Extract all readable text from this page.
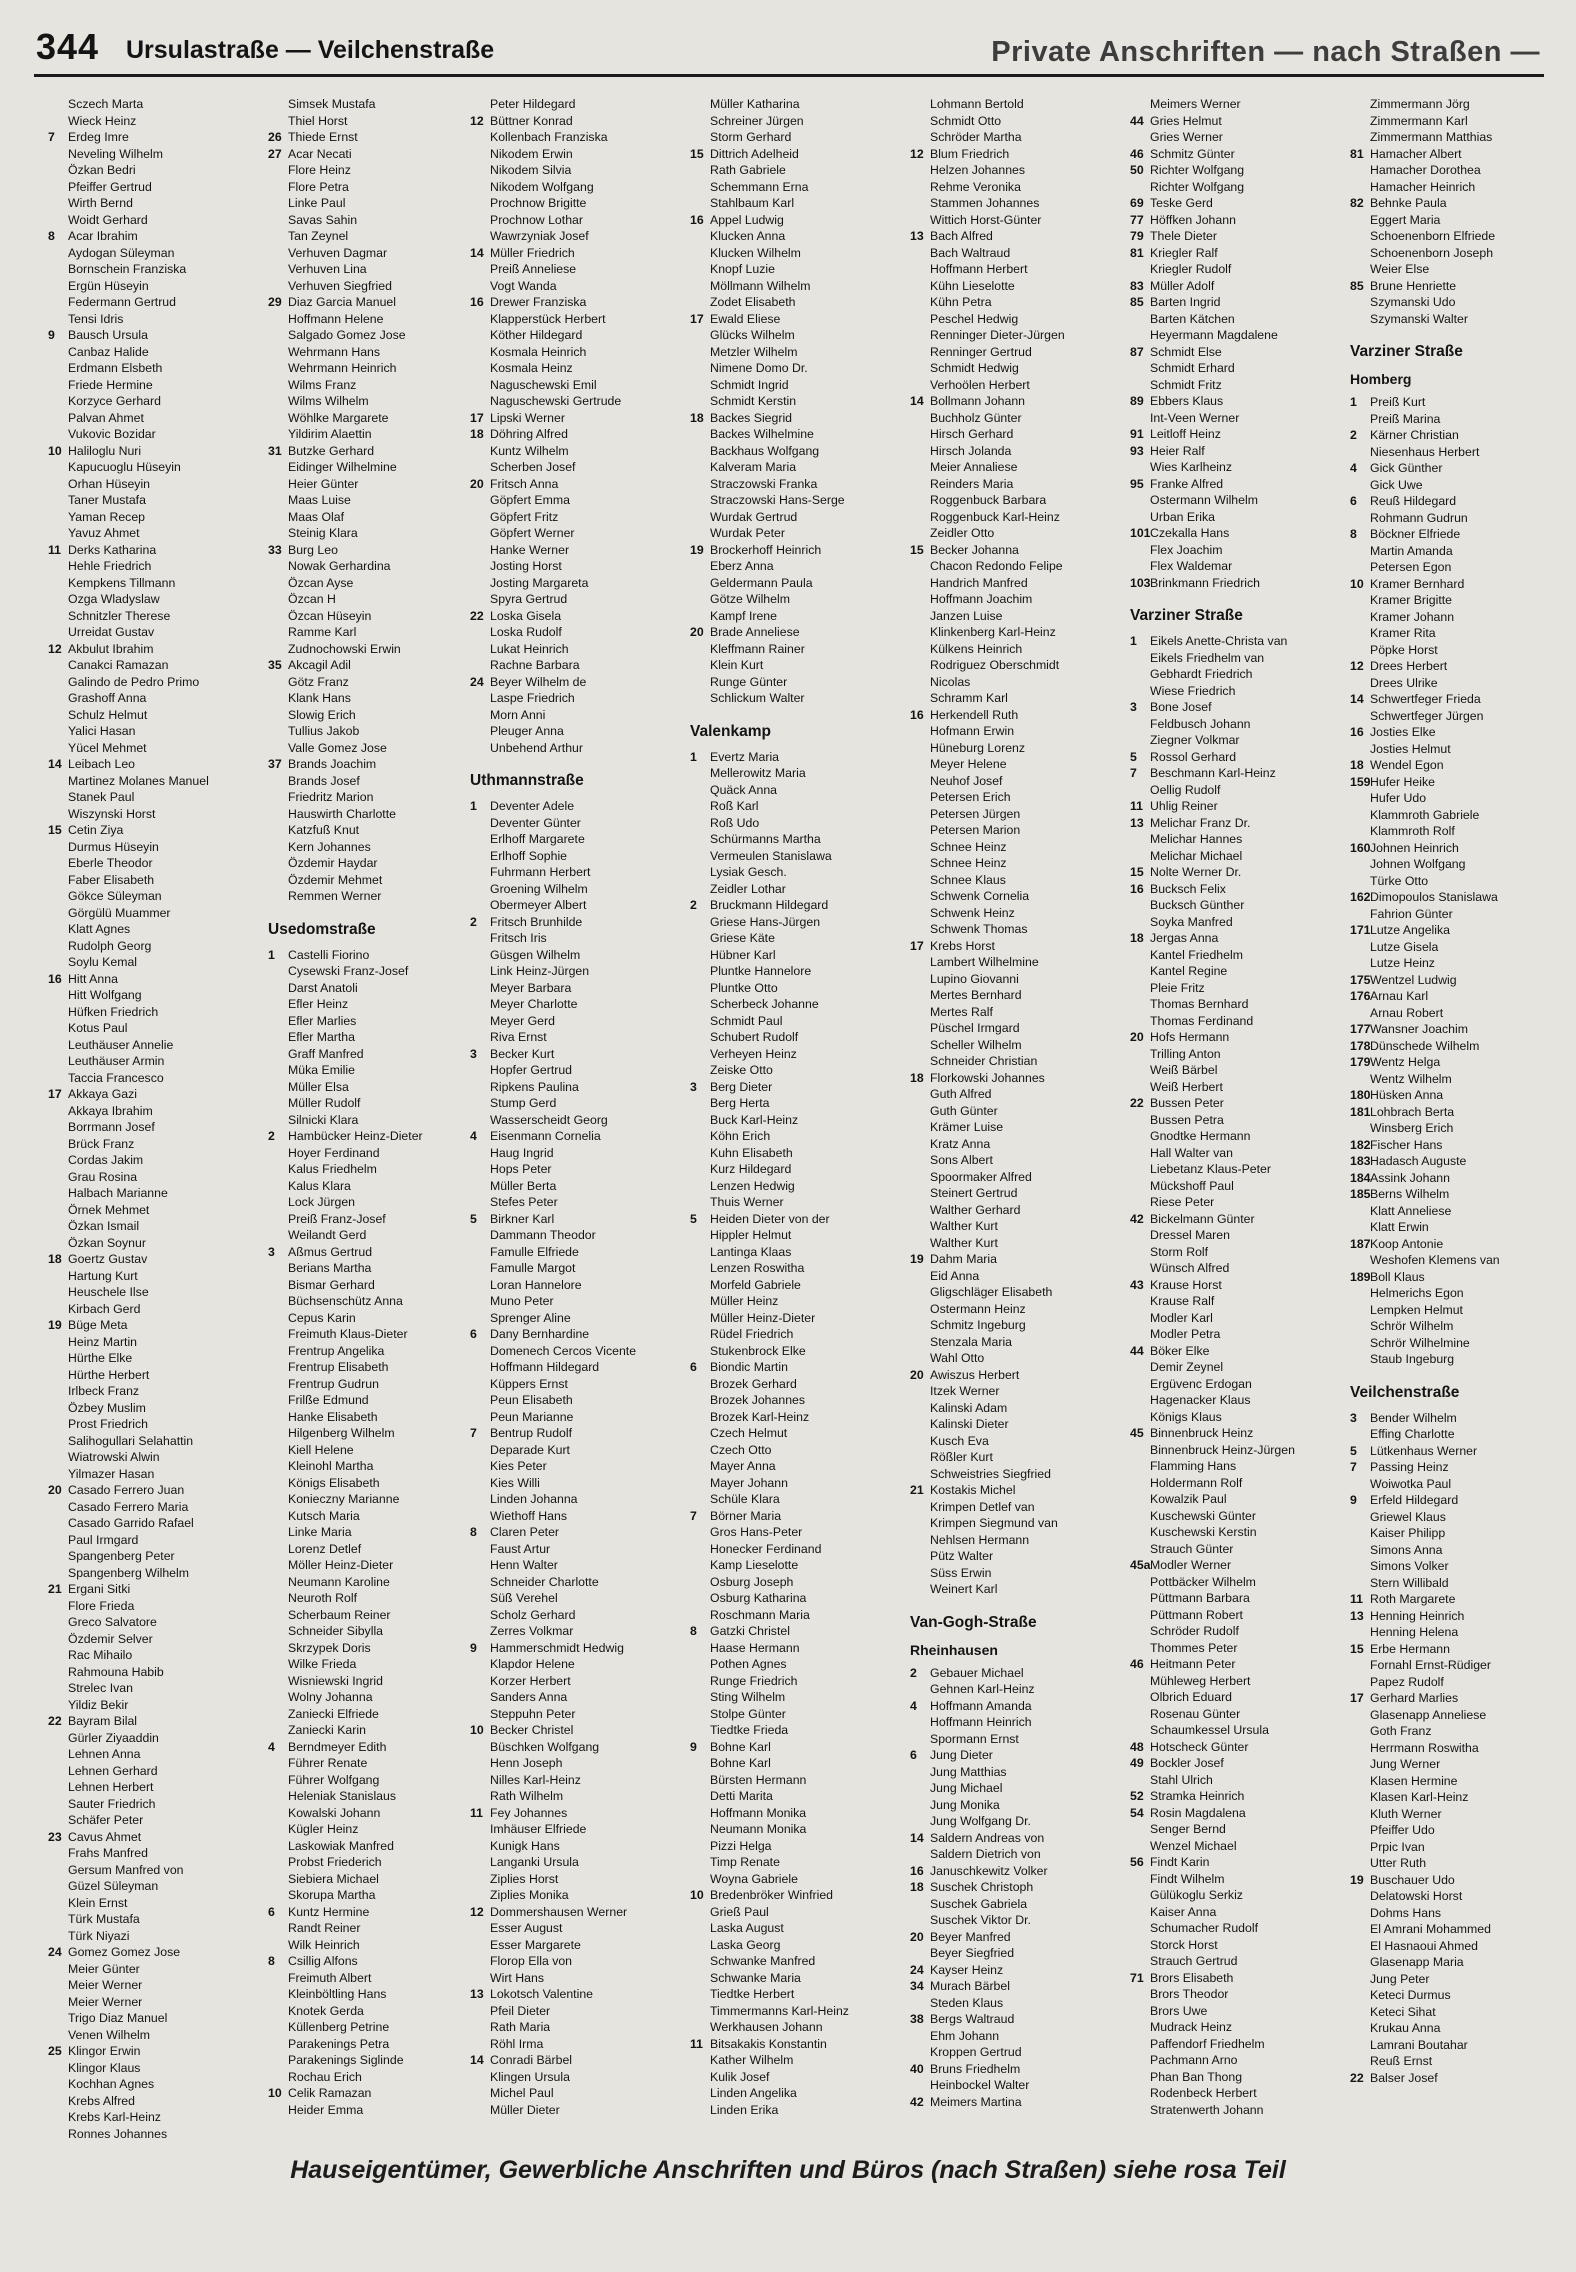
344 Ursulastraße — Veilchenstraße	Private Anschriften — nach Straßen —
Sczech Marta
Wieck Heinz
7 Erdeg Imre
Neveling Wilhelm
Özkan Bedri
Pfeiffer Gertrud
Wirth Bernd
Woidt Gerhard
8 Acar Ibrahim
Aydogan Süleyman
Bornschein Franziska
Ergün Hüseyin
Federmann Gertrud
Tensi Idris
9 Bausch Ursula
Canbaz Halide
Erdmann Elsbeth
Friede Hermine
Korzyce Gerhard
Palvan Ahmet
Vukovic Bozidar
10 Haliloglu Nuri
Kapucuoglu Hüseyin
Orhan Hüseyin
Taner Mustafa
Yaman Recep
Yavuz Ahmet
11 Derks Katharina
Hehle Friedrich
Kempkens Tillmann
Ozga Wladyslaw
Schnitzler Therese
Urreidat Gustav
12 Akbulut Ibrahim
Canakci Ramazan
Galindo de Pedro Primo
Grashoff Anna
Schulz Helmut
Yalici Hasan
Yücel Mehmet
14 Leibach Leo
Martinez Molanes Manuel
Stanek Paul
Wiszynski Horst
15 Cetin Ziya
Durmus Hüseyin
Eberle Theodor
Faber Elisabeth
Gökce Süleyman
Görgülü Muammer
Klatt Agnes
Rudolph Georg
Soylu Kemal
16 Hitt Anna
Hitt Wolfgang
Hüfken Friedrich
Kotus Paul
Leuthäuser Annelie
Leuthäuser Armin
Taccia Francesco
17 Akkaya Gazi
Akkaya Ibrahim
Borrmann Josef
Brück Franz
Cordas Jakim
Grau Rosina
Halbach Marianne
Örnek Mehmet
Özkan Ismail
Özkan Soynur
18 Goertz Gustav
Hartung Kurt
Heuschele Ilse
Kirbach Gerd
19 Büge Meta
Heinz Martin
Hürthe Elke
Hürthe Herbert
Irlbeck Franz
Özbey Muslim
Prost Friedrich
Salihogullari Selahattin
Wiatrowski Alwin
Yilmazer Hasan
20 Casado Ferrero Juan
Casado Ferrero Maria
Casado Garrido Rafael
Paul Irmgard
Spangenberg Peter
Spangenberg Wilhelm
21 Ergani Sitki
Flore Frieda
Greco Salvatore
Özdemir Selver
Rac Mihailo
Rahmouna Habib
Strelec Ivan
Yildiz Bekir
22 Bayram Bilal
Gürler Ziyaaddin
Lehnen Anna
Lehnen Gerhard
Lehnen Herbert
Sauter Friedrich
Schäfer Peter
23 Cavus Ahmet
Frahs Manfred
Gersum Manfred von
Güzel Süleyman
Klein Ernst
Türk Mustafa
Türk Niyazi
24 Gomez Gomez Jose
Meier Günter
Meier Werner
Meier Werner
Trigo Diaz Manuel
Venen Wilhelm
25 Klingor Erwin
Klingor Klaus
Kochhan Agnes
Krebs Alfred
Krebs Karl-Heinz
Ronnes Johannes
Simsek Mustafa
Thiel Horst
26 Thiede Ernst
27 Acar Necati
Flore Heinz
Flore Petra
Linke Paul
Savas Sahin
Tan Zeynel
Verhuven Dagmar
Verhuven Lina
Verhuven Siegfried
29 Diaz Garcia Manuel
Hoffmann Helene
Salgado Gomez Jose
Wehrmann Hans
Wehrmann Heinrich
Wilms Franz
Wilms Wilhelm
Wöhlke Margarete
Yildirim Alaettin
31 Butzke Gerhard
Eidinger Wilhelmine
Heier Günter
Maas Luise
Maas Olaf
Steinig Klara
33 Burg Leo
Nowak Gerhardina
Özcan Ayse
Özcan H
Özcan Hüseyin
Ramme Karl
Zudnochowski Erwin
35 Akcagil Adil
Götz Franz
Klank Hans
Slowig Erich
Tullius Jakob
Valle Gomez Jose
37 Brands Joachim
Brands Josef
Friedritz Marion
Hauswirth Charlotte
Katzfuß Knut
Kern Johannes
Özdemir Haydar
Özdemir Mehmet
Remmen Werner
Usedomstraße
1 Castelli Fiorino
Cysewski Franz-Josef
Darst Anatoli
Efler Heinz
Efler Marlies
Efler Martha
Graff Manfred
Müka Emilie
Müller Elsa
Müller Rudolf
Silnicki Klara
2 Hambücker Heinz-Dieter
Hoyer Ferdinand
Kalus Friedhelm
Kalus Klara
Lock Jürgen
Preiß Franz-Josef
Weilandt Gerd
3 Aßmus Gertrud
Berians Martha
Bismar Gerhard
Büchsenschütz Anna
Cepus Karin
Freimuth Klaus-Dieter
Frentrup Angelika
Frentrup Elisabeth
Frentrup Gudrun
Frilße Edmund
Hanke Elisabeth
Hilgenberg Wilhelm
Kiell Helene
Kleinohl Martha
Königs Elisabeth
Konieczny Marianne
Kutsch Maria
Linke Maria
Lorenz Detlef
Möller Heinz-Dieter
Neumann Karoline
Neuroth Rolf
Scherbaum Reiner
Schneider Sibylla
Skrzypek Doris
Wilke Frieda
Wisniewski Ingrid
Wolny Johanna
Zaniecki Elfriede
Zaniecki Karin
4 Berndmeyer Edith
Führer Renate
Führer Wolfgang
Heleniak Stanislaus
Kowalski Johann
Kügler Heinz
Laskowiak Manfred
Probst Friederich
Siebiera Michael
Skorupa Martha
6 Kuntz Hermine
Randt Reiner
Wilk Heinrich
8 Csillig Alfons
Freimuth Albert
Kleinböltling Hans
Knotek Gerda
Küllenberg Petrine
Parakenings Petra
Parakenings Siglinde
Rochau Erich
10 Celik Ramazan
Heider Emma
Peter Hildegard
12 Büttner Konrad
Kollenbach Franziska
Nikodem Erwin
Nikodem Silvia
Nikodem Wolfgang
Prochnow Brigitte
Prochnow Lothar
Wawrzyniak Josef
14 Müller Friedrich
Preiß Anneliese
Vogt Wanda
16 Drewer Franziska
Klapperstück Herbert
Köther Hildegard
Kosmala Heinrich
Kosmala Heinz
Naguschewski Emil
Naguschewski Gertrude
17 Lipski Werner
18 Döhring Alfred
Kuntz Wilhelm
Scherben Josef
20 Fritsch Anna
Göpfert Emma
Göpfert Fritz
Göpfert Werner
Hanke Werner
Josting Horst
Josting Margareta
Spyra Gertrud
22 Loska Gisela
Loska Rudolf
Lukat Heinrich
Rachne Barbara
24 Beyer Wilhelm de
Laspe Friedrich
Morn Anni
Pleuger Anna
Unbehend Arthur
Uthmannstraße
1 Deventer Adele
Deventer Günter
Erlhoff Margarete
Erlhoff Sophie
Fuhrmann Herbert
Groening Wilhelm
Obermeyer Albert
2 Fritsch Brunhilde
Fritsch Iris
Güsgen Wilhelm
Link Heinz-Jürgen
Meyer Barbara
Meyer Charlotte
Meyer Gerd
Riva Ernst
3 Becker Kurt
Hopfer Gertrud
Ripkens Paulina
Stump Gerd
Wasserscheidt Georg
4 Eisenmann Cornelia
Haug Ingrid
Hops Peter
Müller Berta
Stefes Peter
5 Birkner Karl
Dammann Theodor
Famulle Elfriede
Famulle Margot
Loran Hannelore
Muno Peter
Sprenger Aline
6 Dany Bernhardine
Domenech Cercos Vicente
Hoffmann Hildegard
Küppers Ernst
Peun Elisabeth
Peun Marianne
7 Bentrup Rudolf
Deparade Kurt
Kies Peter
Kies Willi
Linden Johanna
Wiethoff Hans
8 Claren Peter
Faust Artur
Henn Walter
Schneider Charlotte
Süß Verehel
Scholz Gerhard
Zerres Volkmar
9 Hammerschmidt Hedwig
Klapdor Helene
Korzer Herbert
Sanders Anna
Steppuhn Peter
10 Becker Christel
Büschken Wolfgang
Henn Joseph
Nilles Karl-Heinz
Rath Wilhelm
11 Fey Johannes
Imhäuser Elfriede
Kunigk Hans
Langanki Ursula
Ziplies Horst
Ziplies Monika
12 Dommershausen Werner
Esser August
Esser Margarete
Florop Ella von
Wirt Hans
13 Lokotsch Valentine
Pfeil Dieter
Rath Maria
Röhl Irma
14 Conradi Bärbel
Klingen Ursula
Michel Paul
Müller Dieter
Müller Katharina
Schreiner Jürgen
Storm Gerhard
15 Dittrich Adelheid
Rath Gabriele
Schemmann Erna
Stahlbaum Karl
16 Appel Ludwig
Klucken Anna
Klucken Wilhelm
Knopf Luzie
Möllmann Wilhelm
Zodet Elisabeth
17 Ewald Eliese
Glücks Wilhelm
Metzler Wilhelm
Nimene Domo Dr.
Schmidt Ingrid
Schmidt Kerstin
18 Backes Siegrid
Backes Wilhelmine
Backhaus Wolfgang
Kalveram Maria
Straczowski Franka
Straczowski Hans-Serge
Wurdak Gertrud
Wurdak Peter
19 Brockerhoff Heinrich
Eberz Anna
Geldermann Paula
Götze Wilhelm
Kampf Irene
20 Brade Anneliese
Kleffmann Rainer
Klein Kurt
Runge Günter
Schlickum Walter
Valenkamp
1 Evertz Maria
Mellerowitz Maria
Quäck Anna
Roß Karl
Roß Udo
Schürmanns Martha
Vermeulen Stanislawa
Lysiak Gesch.
Zeidler Lothar
2 Bruckmann Hildegard
Griese Hans-Jürgen
Griese Käte
Hübner Karl
Pluntke Hannelore
Pluntke Otto
Scherbeck Johanne
Schmidt Paul
Schubert Rudolf
Verheyen Heinz
Zeiske Otto
3 Berg Dieter
Berg Herta
Buck Karl-Heinz
Köhn Erich
Kuhn Elisabeth
Kurz Hildegard
Lenzen Hedwig
Thuis Werner
5 Heiden Dieter von der
Hippler Helmut
Lantinga Klaas
Lenzen Roswitha
Morfeld Gabriele
Müller Heinz
Müller Heinz-Dieter
Rüdel Friedrich
Stukenbrock Elke
6 Biondic Martin
Brozek Gerhard
Brozek Johannes
Brozek Karl-Heinz
Czech Helmut
Czech Otto
Mayer Anna
Mayer Johann
Schüle Klara
7 Börner Maria
Gros Hans-Peter
Honecker Ferdinand
Kamp Lieselotte
Osburg Joseph
Osburg Katharina
Roschmann Maria
8 Gatzki Christel
Haase Hermann
Pothen Agnes
Runge Friedrich
Sting Wilhelm
Stolpe Günter
Tiedtke Frieda
9 Bohne Karl
Bohne Karl
Bürsten Hermann
Detti Marita
Hoffmann Monika
Neumann Monika
Pizzi Helga
Timp Renate
Woyna Gabriele
10 Bredenbröker Winfried
Grieß Paul
Laska August
Laska Georg
Schwanke Manfred
Schwanke Maria
Tiedtke Herbert
Timmermanns Karl-Heinz
Werkhausen Johann
11 Bitsakakis Konstantin
Kather Wilhelm
Kulik Josef
Linden Angelika
Linden Erika
Lohmann Bertold
Schmidt Otto
Schröder Martha
12 Blum Friedrich
Helzen Johannes
Rehme Veronika
Stammen Johannes
Wittich Horst-Günter
13 Bach Alfred
Bach Waltraud
Hoffmann Herbert
Kühn Lieselotte
Kühn Petra
Peschel Hedwig
Renninger Dieter-Jürgen
Renninger Gertrud
Schmidt Hedwig
Verhoölen Herbert
14 Bollmann Johann
Buchholz Günter
Hirsch Gerhard
Hirsch Jolanda
Meier Annaliese
Reinders Maria
Roggenbuck Barbara
Roggenbuck Karl-Heinz
Zeidler Otto
15 Becker Johanna
Chacon Redondo Felipe
Handrich Manfred
Hoffmann Joachim
Janzen Luise
Klinkenberg Karl-Heinz
Külkens Heinrich
Rodriguez Oberschmidt
Nicolas
Schramm Karl
16 Herkendell Ruth
Hofmann Erwin
Hüneburg Lorenz
Meyer Helene
Neuhof Josef
Petersen Erich
Petersen Jürgen
Petersen Marion
Schnee Heinz
Schnee Heinz
Schnee Klaus
Schwenk Cornelia
Schwenk Heinz
Schwenk Thomas
17 Krebs Horst
Lambert Wilhelmine
Lupino Giovanni
Mertes Bernhard
Mertes Ralf
Püschel Irmgard
Scheller Wilhelm
Schneider Christian
18 Florkowski Johannes
Guth Alfred
Guth Günter
Krämer Luise
Kratz Anna
Sons Albert
Spoormaker Alfred
Steinert Gertrud
Walther Gerhard
Walther Kurt
Walther Kurt
19 Dahm Maria
Eid Anna
Gligschläger Elisabeth
Ostermann Heinz
Schmitz Ingeburg
Stenzala Maria
Wahl Otto
20 Awiszus Herbert
Itzek Werner
Kalinski Adam
Kalinski Dieter
Kusch Eva
Rößler Kurt
Schweistries Siegfried
21 Kostakis Michel
Krimpen Detlef van
Krimpen Siegmund van
Nehlsen Hermann
Pütz Walter
Süss Erwin
Weinert Karl
Van-Gogh-Straße
Rheinhausen
2 Gebauer Michael
Gehnen Karl-Heinz
4 Hoffmann Amanda
Hoffmann Heinrich
Spormann Ernst
6 Jung Dieter
Jung Matthias
Jung Michael
Jung Monika
Jung Wolfgang Dr.
14 Saldern Andreas von
Saldern Dietrich von
16 Januschkewitz Volker
18 Suschek Christoph
Suschek Gabriela
Suschek Viktor Dr.
20 Beyer Manfred
Beyer Siegfried
24 Kayser Heinz
34 Murach Bärbel
Steden Klaus
38 Bergs Waltraud
Ehm Johann
Kroppen Gertrud
40 Bruns Friedhelm
Heinbockel Walter
42 Meimers Martina
Meimers Werner
44 Gries Helmut
Gries Werner
46 Schmitz Günter
50 Richter Wolfgang
Richter Wolfgang
69 Teske Gerd
77 Höffken Johann
79 Thele Dieter
81 Kriegler Ralf
Kriegler Rudolf
83 Müller Adolf
85 Barten Ingrid
Barten Kätchen
Heyermann Magdalene
87 Schmidt Else
Schmidt Erhard
Schmidt Fritz
89 Ebbers Klaus
Int-Veen Werner
91 Leitloff Heinz
93 Heier Ralf
Wies Karlheinz
95 Franke Alfred
Ostermann Wilhelm
Urban Erika
101Czekalla Hans
Flex Joachim
Flex Waldemar
103Brinkmann Friedrich
Varziner Straße
1 Eikels Anette-Christa van
Eikels Friedhelm van
Gebhardt Friedrich
Wiese Friedrich
3 Bone Josef
Feldbusch Johann
Ziegner Volkmar
5 Rossol Gerhard
7 Beschmann Karl-Heinz
Oellig Rudolf
11 Uhlig Reiner
13 Melichar Franz Dr.
Melichar Hannes
Melichar Michael
15 Nolte Werner Dr.
16 Bucksch Felix
Bucksch Günther
Soyka Manfred
18 Jergas Anna
Kantel Friedhelm
Kantel Regine
Pleie Fritz
Thomas Bernhard
Thomas Ferdinand
20 Hofs Hermann
Trilling Anton
Weiß Bärbel
Weiß Herbert
22 Bussen Peter
Bussen Petra
Gnodtke Hermann
Hall Walter van
Liebetanz Klaus-Peter
Mückshoff Paul
Riese Peter
42 Bickelmann Günter
Dressel Maren
Storm Rolf
Wünsch Alfred
43 Krause Horst
Krause Ralf
Modler Karl
Modler Petra
44 Böker Elke
Demir Zeynel
Ergüvenc Erdogan
Hagenacker Klaus
Königs Klaus
45 Binnenbruck Heinz
Binnenbruck Heinz-Jürgen
Flamming Hans
Holdermann Rolf
Kowalzik Paul
Kuschewski Günter
Kuschewski Kerstin
Strauch Günter
45aModler Werner
Pottbäcker Wilhelm
Püttmann Barbara
Püttmann Robert
Schröder Rudolf
Thommes Peter
46 Heitmann Peter
Mühleweg Herbert
Olbrich Eduard
Rosenau Günter
Schaumkessel Ursula
48 Hotscheck Günter
49 Bockler Josef
Stahl Ulrich
52 Stramka Heinrich
54 Rosin Magdalena
Senger Bernd
Wenzel Michael
56 Findt Karin
Findt Wilhelm
Gülükoglu Serkiz
Kaiser Anna
Schumacher Rudolf
Storck Horst
Strauch Gertrud
71 Brors Elisabeth
Brors Theodor
Brors Uwe
Mudrack Heinz
Paffendorf Friedhelm
Pachmann Arno
Phan Ban Thong
Rodenbeck Herbert
Stratenwerth Johann
Zimmermann Jörg
Zimmermann Karl
Zimmermann Matthias
81 Hamacher Albert
Hamacher Dorothea
Hamacher Heinrich
82 Behnke Paula
Eggert Maria
Schoenenborn Elfriede
Schoenenborn Joseph
Weier Else
85 Brune Henriette
Szymanski Udo
Szymanski Walter
Varziner Straße
Homberg
1 Preiß Kurt
Preiß Marina
2 Kärner Christian
Niesenhaus Herbert
4 Gick Günther
Gick Uwe
6 Reuß Hildegard
Rohmann Gudrun
8 Böckner Elfriede
Martin Amanda
Petersen Egon
10 Kramer Bernhard
Kramer Brigitte
Kramer Johann
Kramer Rita
Pöpke Horst
12 Drees Herbert
Drees Ulrike
14 Schwertfeger Frieda
Schwertfeger Jürgen
16 Josties Elke
Josties Helmut
18 Wendel Egon
159Hufer Heike
Hufer Udo
Klammroth Gabriele
Klammroth Rolf
160Johnen Heinrich
Johnen Wolfgang
Türke Otto
162Dimopoulos Stanislawa
Fahrion Günter
171Lutze Angelika
Lutze Gisela
Lutze Heinz
175Wentzel Ludwig
176Arnau Karl
Arnau Robert
177Wansner Joachim
178Dünschede Wilhelm
179Wentz Helga
Wentz Wilhelm
180Hüsken Anna
181Lohbrach Berta
Winsberg Erich
182Fischer Hans
183Hadasch Auguste
184Assink Johann
185Berns Wilhelm
Klatt Anneliese
Klatt Erwin
187Koop Antonie
Weshofen Klemens van
189Boll Klaus
Helmerichs Egon
Lempken Helmut
Schrör Wilhelm
Schrör Wilhelmine
Staub Ingeburg
Veilchenstraße
3 Bender Wilhelm
Effing Charlotte
5 Lütkenhaus Werner
7 Passing Heinz
Woiwotka Paul
9 Erfeld Hildegard
Griewel Klaus
Kaiser Philipp
Simons Anna
Simons Volker
Stern Willibald
11 Roth Margarete
13 Henning Heinrich
Henning Helena
15 Erbe Hermann
Fornahl Ernst-Rüdiger
Papez Rudolf
17 Gerhard Marlies
Glasenapp Anneliese
Goth Franz
Herrmann Roswitha
Jung Werner
Klasen Hermine
Klasen Karl-Heinz
Kluth Werner
Pfeiffer Udo
Prpic Ivan
Utter Ruth
19 Buschauer Udo
Delatowski Horst
Dohms Hans
El Amrani Mohammed
El Hasnaoui Ahmed
Glasenapp Maria
Jung Peter
Keteci Durmus
Keteci Sihat
Krukau Anna
Lamrani Boutahar
Reuß Ernst
22 Balser Josef
Hauseigentümer, Gewerbliche Anschriften und Büros (nach Straßen) siehe rosa Teil
